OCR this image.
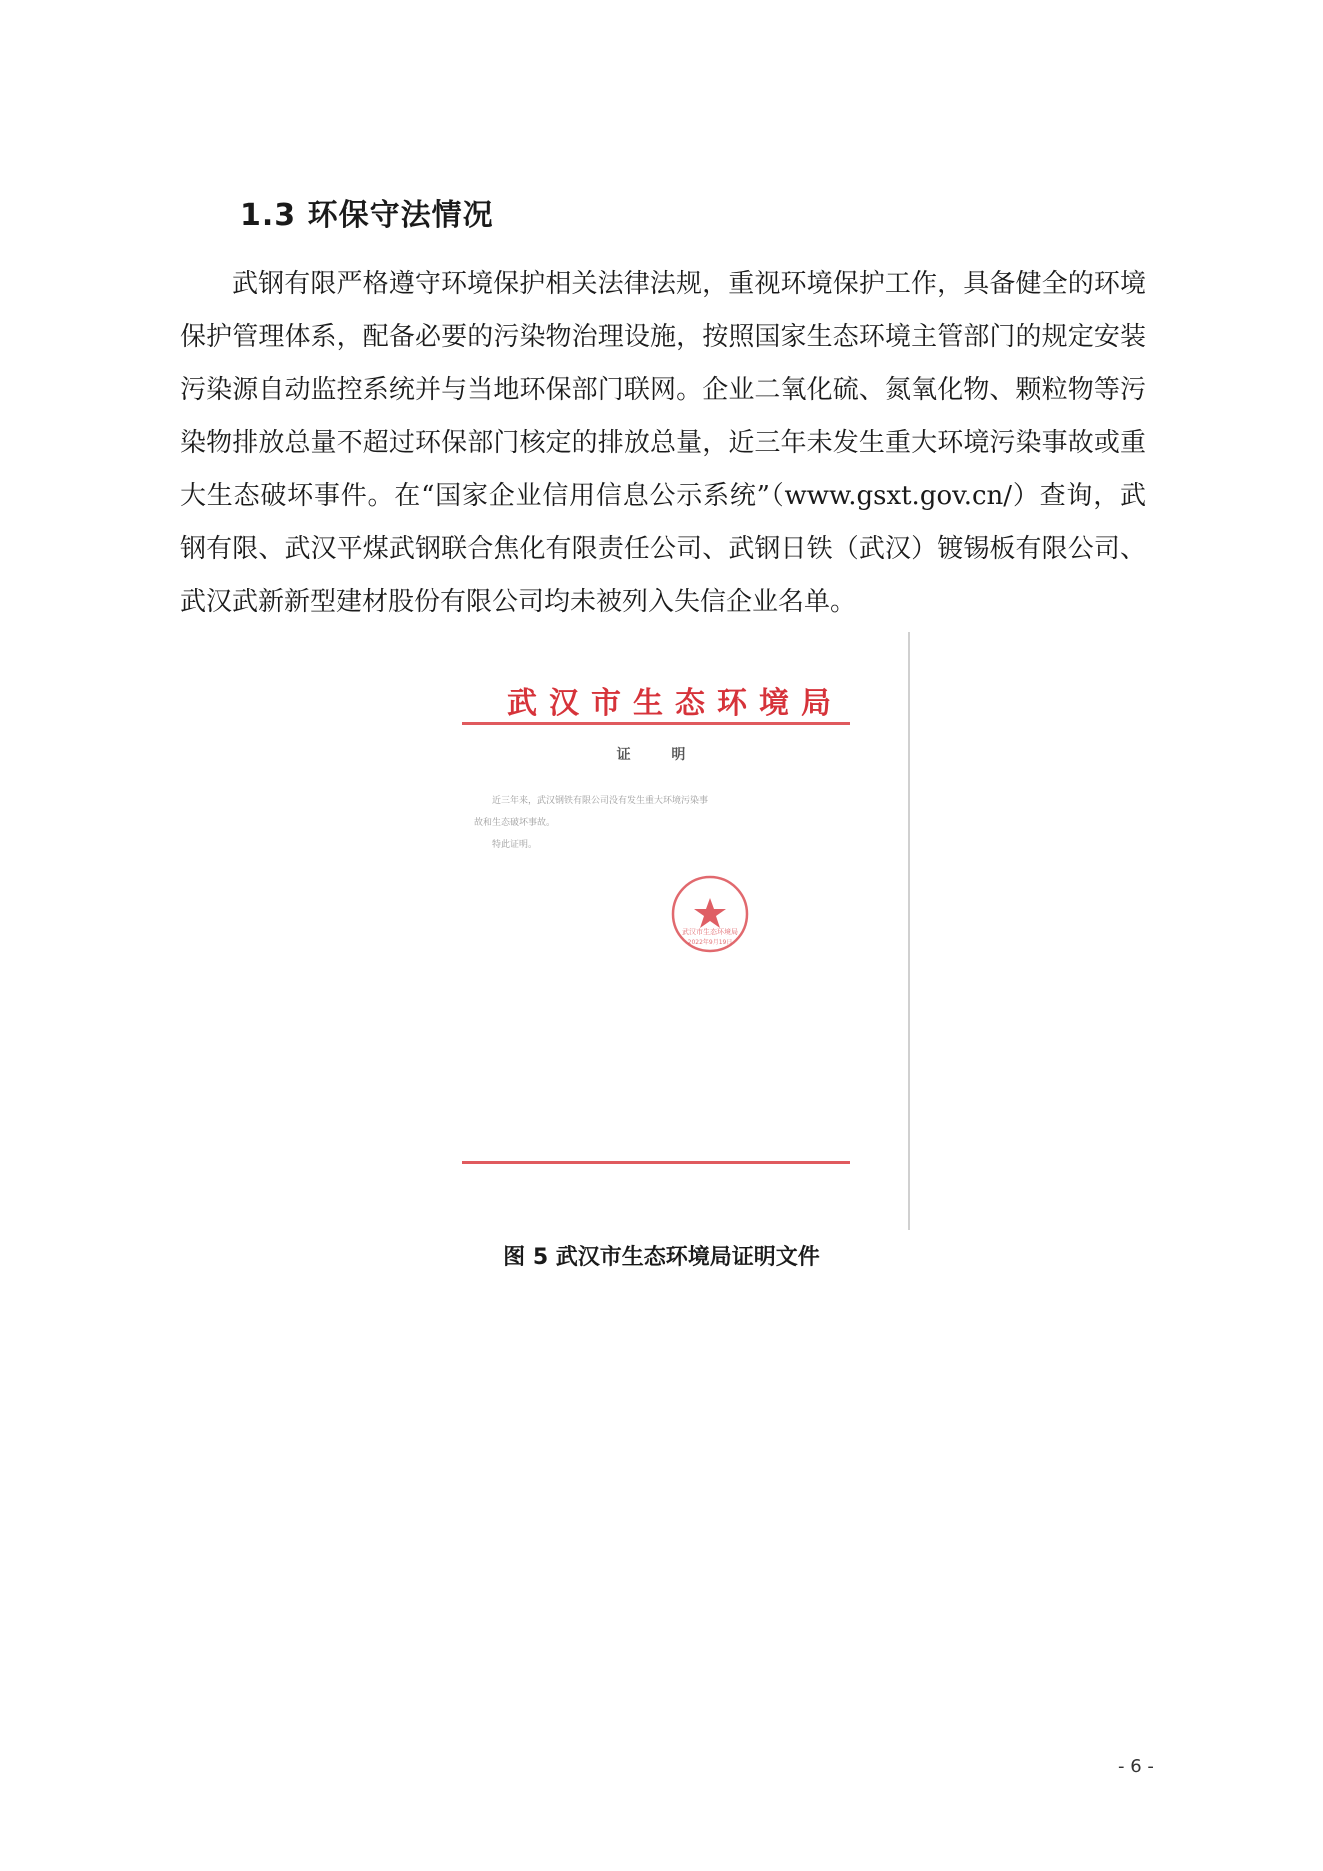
1.3 环保守法情况

武钢有限严格遵守环境保护相关法律法规，重视环境保护工作，具备健全的环境保护管理体系，配备必要的污染物治理设施，按照国家生态环境主管部门的规定安装污染源自动监控系统并与当地环保部门联网。企业二氧化硫、氮氧化物、颗粒物等污染物排放总量不超过环保部门核定的排放总量，近三年未发生重大环境污染事故或重大生态破坏事件。在“国家企业信用信息公示系统”（www.gsxt.gov.cn/）查询，武钢有限、武汉平煤武钢联合焦化有限责任公司、武钢日铁（武汉）镀锡板有限公司、武汉武新新型建材股份有限公司均未被列入失信企业名单。

武汉市生态环境局
证 明
近三年来，武汉钢铁有限公司没有发生重大环境污染事
故和生态破坏事故。
特此证明。
武汉市生态环境局
2022年9月19日
图 5 武汉市生态环境局证明文件
- 6 -
